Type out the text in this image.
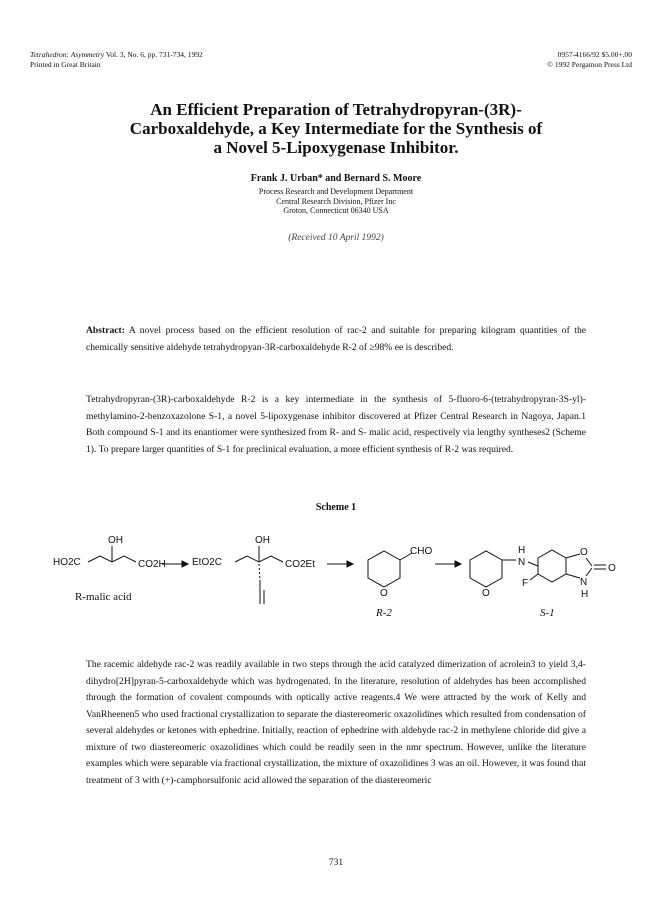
Tetrahedron: Asymmetry Vol. 3, No. 6, pp. 731-734, 1992
Printed in Great Britain
0957-4166/92 $5.00+.00
© 1992 Pergamon Press Ltd
An Efficient Preparation of Tetrahydropyran-(3R)-
Carboxaldehyde, a Key Intermediate for the Synthesis of
a Novel 5-Lipoxygenase Inhibitor.
Frank J. Urban* and Bernard S. Moore
Process Research and Development Department
Central Research Division, Pfizer Inc
Groton, Connecticut 06340 USA
(Received 10 April 1992)

Abstract: A novel process based on the efficient resolution of rac-2 and suitable for preparing kilogram quantities of the chemically sensitive aldehyde tetrahydropyan-3R-carboxaldehyde R-2 of ≥98% ee is described.

Tetrahydropyran-(3R)-carboxaldehyde R-2 is a key intermediate in the synthesis of 5-fluoro-6-(tetrahydropyran-3S-yl)-methylamino-2-benzoxazolone S-1, a novel 5-lipoxygenase inhibitor discovered at Pfizer Central Research in Nagoya, Japan.1 Both compound S-1 and its enantiomer were synthesized from R- and S- malic acid, respectively via lengthy syntheses2 (Scheme 1). To prepare larger quantities of S-1 for preclinical evaluation, a more efficient synthesis of R-2 was required.

Scheme 1
OH
HO2C	CO2H
R-malic acid
OH
EtO2C	CO2Et
O
CHO
R-2
O
N
H	O
O
N
H
F
S-1

The racemic aldehyde rac-2 was readily available in two steps through the acid catalyzed dimerization of acrolein3 to yield 3,4-dihydro[2H]pyran-5-carboxaldehyde which was hydrogenated. In the literature, resolution of aldehydes has been accomplished through the formation of covalent compounds with optically active reagents.4 We were attracted by the work of Kelly and VanRheenen5 who used fractional crystallization to separate the diastereomeric oxazolidines which resulted from condensation of several aldehydes or ketones with ephedrine. Initially, reaction of ephedrine with aldehyde rac-2 in methylene chloride did give a mixture of two diastereomeric oxazolidines which could be readily seen in the nmr spectrum. However, unlike the literature examples which were separable via fractional crystallization, the mixture of oxazolidines 3 was an oil. However, it was found that treatment of 3 with (+)-camphorsulfonic acid allowed the separation of the diastereomeric

731
